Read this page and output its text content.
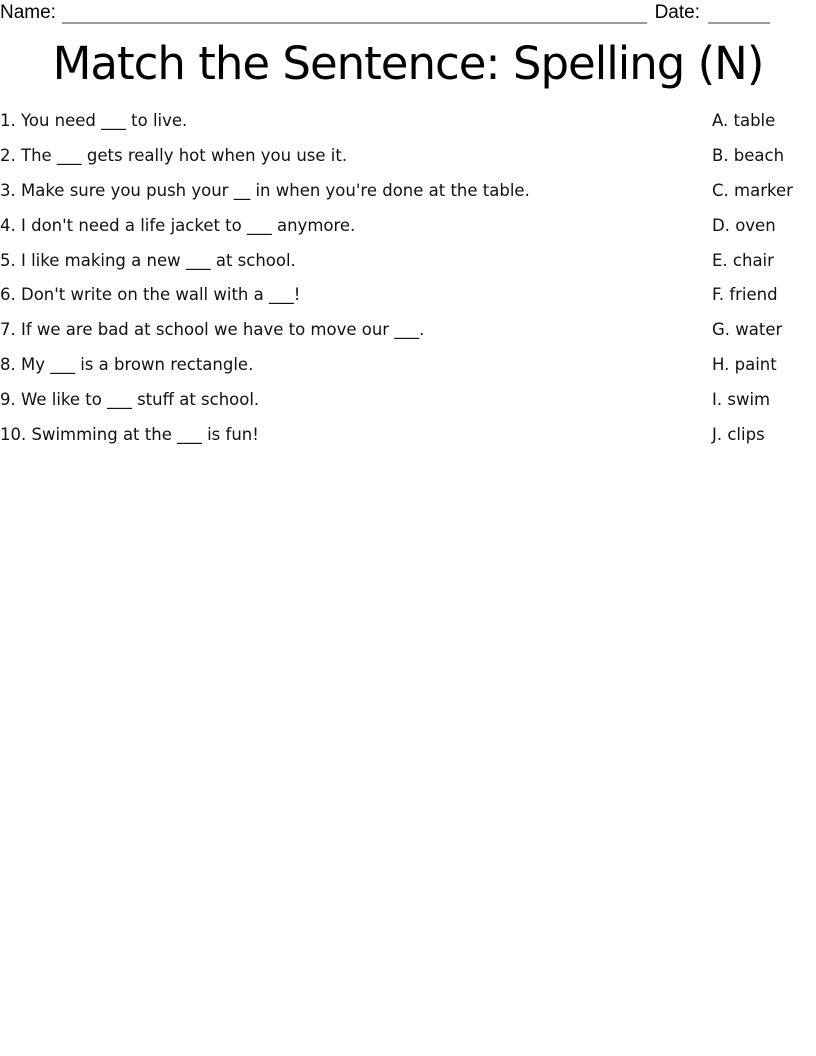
Name:	Date:
Match the Sentence: Spelling (N)
1. You need ___ to live.
2. The ___ gets really hot when you use it.
3. Make sure you push your __ in when you're done at the table.
4. I don't need a life jacket to ___ anymore.
5. I like making a new ___ at school.
6. Don't write on the wall with a ___!
7. If we are bad at school we have to move our ___.
8. My ___ is a brown rectangle.
9. We like to ___ stuff at school.
10. Swimming at the ___ is fun!
A. table
B. beach
C. marker
D. oven
E. chair
F. friend
G. water
H. paint
I. swim
J. clips
